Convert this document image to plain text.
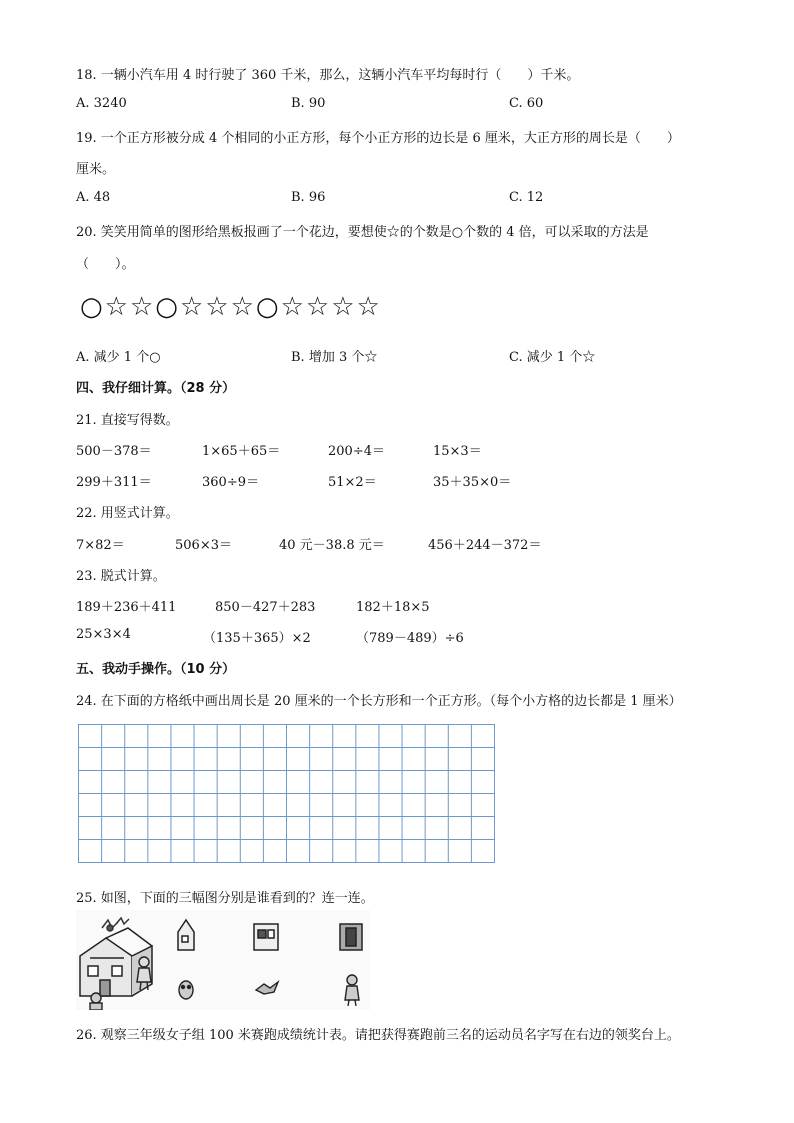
18. 一辆小汽车用 4 时行驶了 360 千米，那么，这辆小汽车平均每时行（　　）千米。
A. 3240	B. 90	C. 60
19. 一个正方形被分成 4 个相同的小正方形，每个小正方形的边长是 6 厘米，大正方形的周长是（　　）
厘米。
A. 48	B. 96	C. 12
20. 笑笑用简单的图形给黑板报画了一个花边，要想使☆的个数是○个数的 4 倍，可以采取的方法是
（　　）。
○☆☆○☆☆☆○☆☆☆☆
A. 减少 1 个○	B. 增加 3 个☆	C. 减少 1 个☆
四、我仔细计算。（28 分）
21. 直接写得数。
500－378＝	1×65＋65＝	200÷4＝	15×3＝
299＋311＝	360÷9＝	51×2＝	35＋35×0＝
22. 用竖式计算。
7×82＝	506×3＝	40 元－38.8 元＝	456＋244－372＝
23. 脱式计算。
189＋236＋411	850－427＋283	182＋18×5
25×3×4	（135＋365）×2	（789－489）÷6
五、我动手操作。（10 分）
24. 在下面的方格纸中画出周长是 20 厘米的一个长方形和一个正方形。（每个小方格的边长都是 1 厘米）
25. 如图，下面的三幅图分别是谁看到的？连一连。
26. 观察三年级女子组 100 米赛跑成绩统计表。请把获得赛跑前三名的运动员名字写在右边的领奖台上。
